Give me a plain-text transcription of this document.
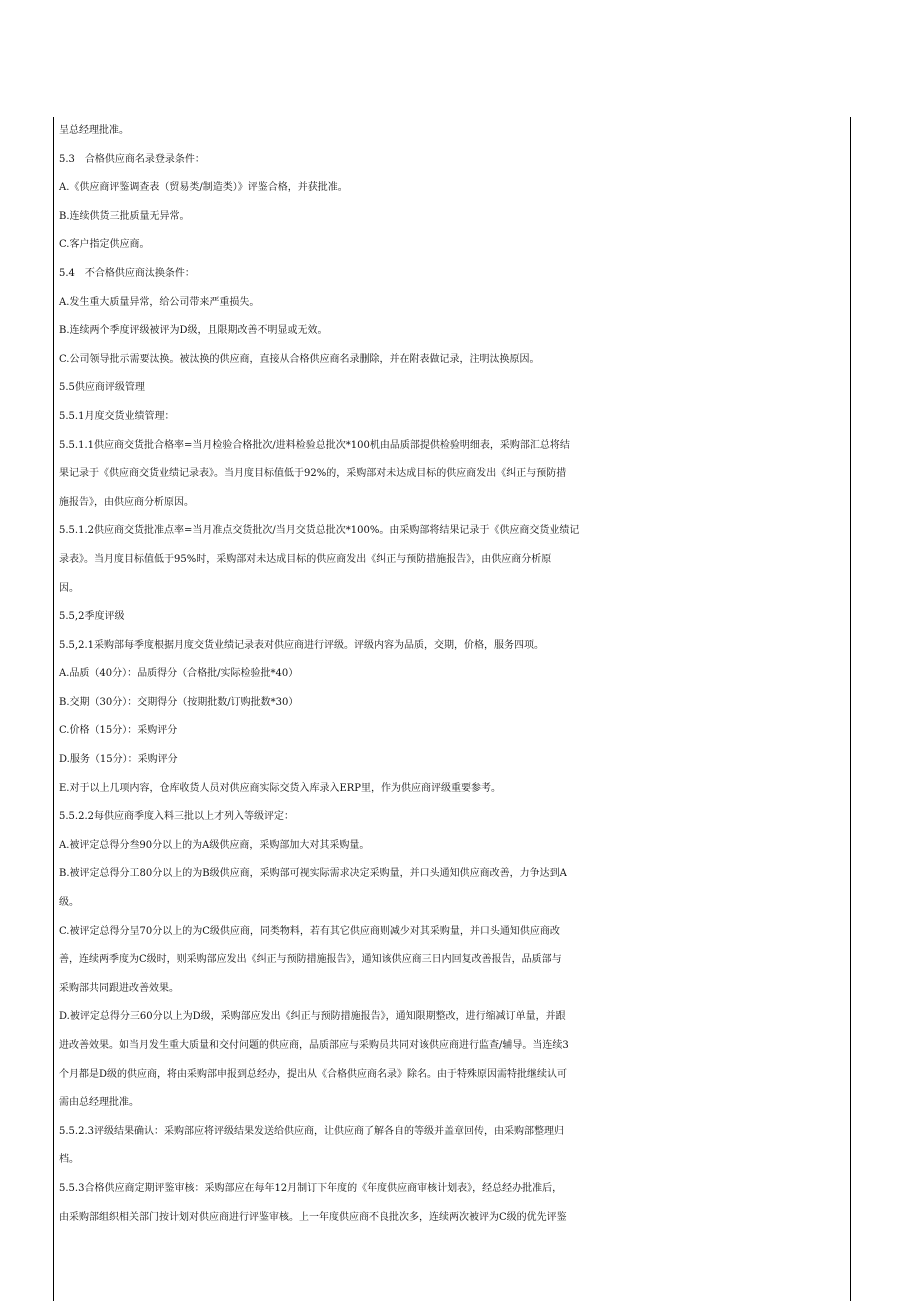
呈总经理批准。
5.3　合格供应商名录登录条件：
A.《供应商评鉴调查表（贸易类/制造类）》评鉴合格，并获批准。
B.连续供货三批质量无异常。
C.客户指定供应商。
5.4　不合格供应商汰换条件：
A.发生重大质量异常，给公司带来严重损失。
B.连续两个季度评级被评为D级，且限期改善不明显或无效。
C.公司领导批示需要汰换。被汰换的供应商，直接从合格供应商名录删除，并在附表做记录，注明汰换原因。
5.5供应商评级管理
5.5.1月度交货业绩管理：
5.5.1.1供应商交货批合格率=当月检验合格批次/进料检验总批次*100机由品质部提供检验明细表，采购部汇总将结
果记录于《供应商交货业绩记录表》。当月度目标值低于92%的，采购部对未达成目标的供应商发出《纠正与预防措
施报告》，由供应商分析原因。
5.5.1.2供应商交货批准点率=当月准点交货批次/当月交货总批次*100%。由采购部将结果记录于《供应商交货业绩记
录表》。当月度目标值低于95%时，采购部对未达成目标的供应商发出《纠正与预防措施报告》，由供应商分析原
因。
5.5,2季度评级
5.5,2.1采购部每季度根据月度交货业绩记录表对供应商进行评级。评级内容为品质，交期，价格，服务四项。
A.品质（40分）：品质得分（合格批/实际检验批*40）
B.交期（30分）：交期得分（按期批数/订购批数*30）
C.价格（15分）：采购评分
D.服务（15分）：采购评分
E.对于以上几项内容，仓库收货人员对供应商实际交货入库录入ERP里，作为供应商评级重要参考。
5.5.2.2每供应商季度入料三批以上才列入等级评定：
A.被评定总得分叁90分以上的为A级供应商，采购部加大对其采购量。
B.被评定总得分工80分以上的为B级供应商，采购部可视实际需求决定采购量，并口头通知供应商改善，力争达到A
级。
C.被评定总得分呈70分以上的为C级供应商，同类物料，若有其它供应商则减少对其采购量，并口头通知供应商改
善，连续两季度为C级时，则采购部应发出《纠正与预防措施报告》，通知该供应商三日内回复改善报告，品质部与
采购部共同跟进改善效果。
D.被评定总得分三60分以上为D级，采购部应发出《纠正与预防措施报告》，通知限期整改，进行缩减订单量，并跟
进改善效果。如当月发生重大质量和交付问题的供应商，品质部应与采购员共同对该供应商进行监查/辅导。当连续3
个月都是D级的供应商，将由采购部申报到总经办，提出从《合格供应商名录》除名。由于特殊原因需特批继续认可
需由总经理批准。
5.5.2.3评级结果确认：采购部应将评级结果发送给供应商，让供应商了解各自的等级并盖章回传，由采购部整理归
档。
5.5.3合格供应商定期评鉴审核：采购部应在每年12月制订下年度的《年度供应商审核计划表》，经总经办批准后，
由采购部组织相关部门按计划对供应商进行评鉴审核。上一年度供应商不良批次多，连续两次被评为C级的优先评鉴
